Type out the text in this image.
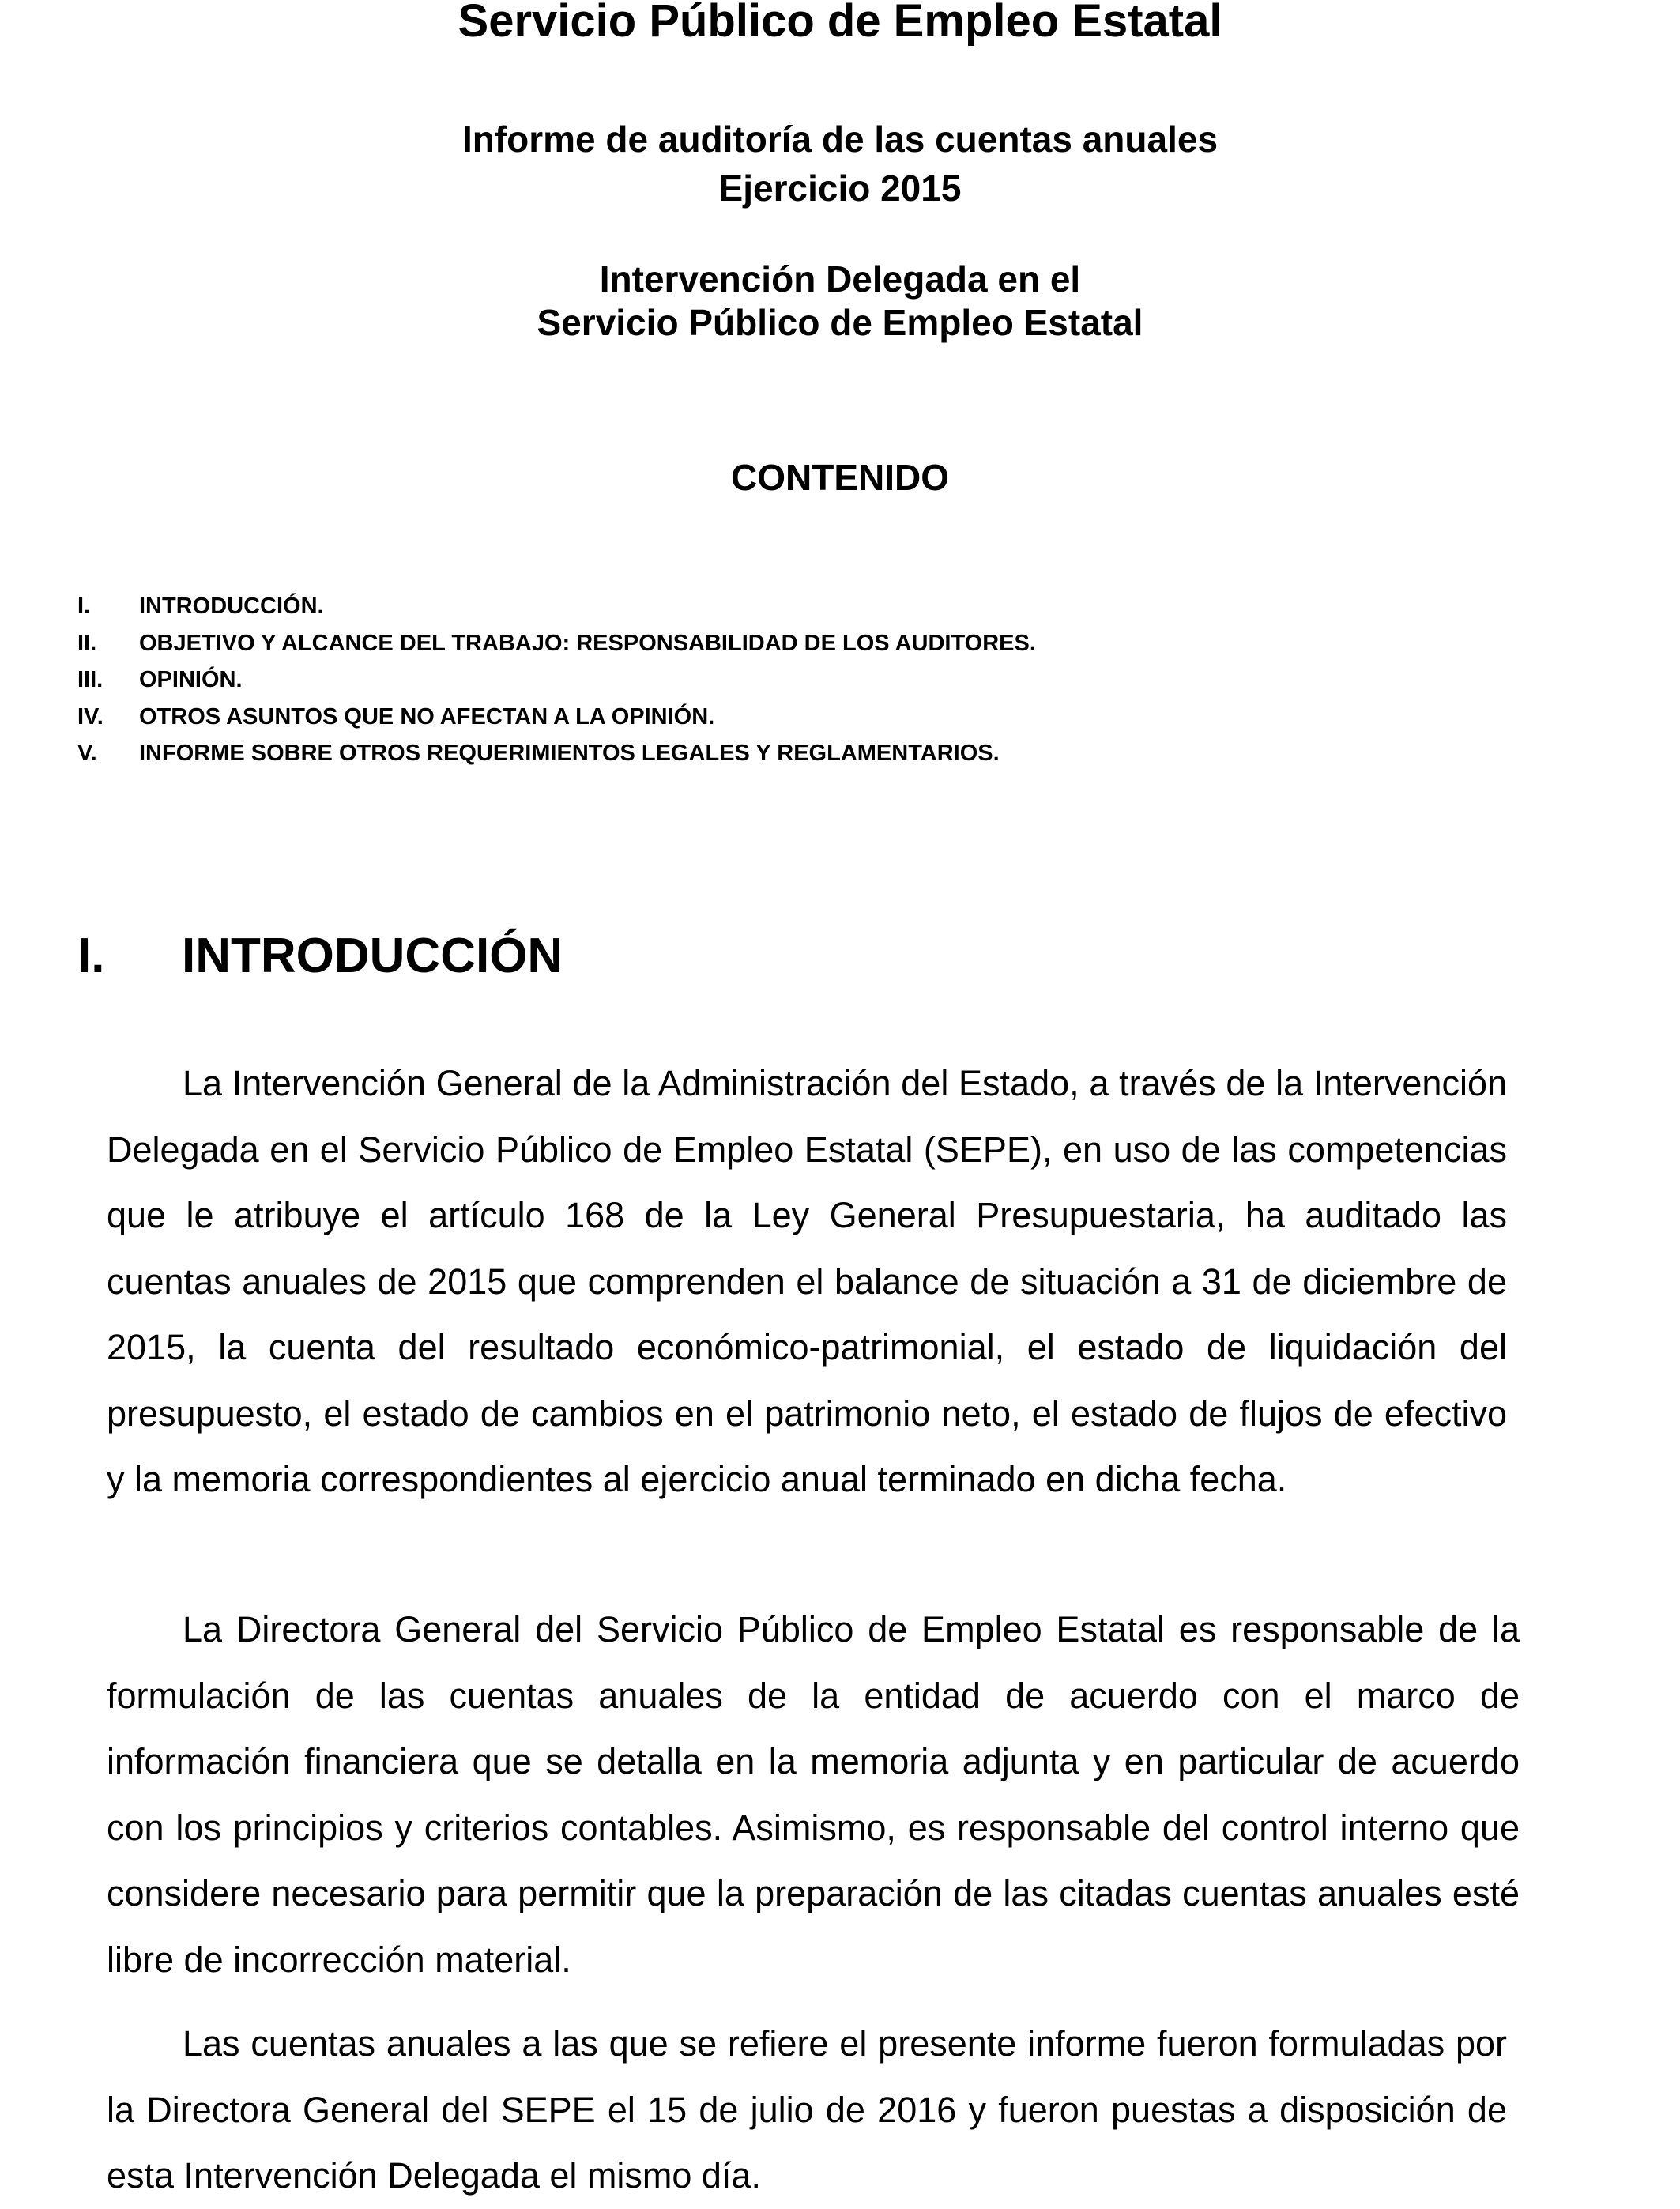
Servicio Público de Empleo Estatal
Informe de auditoría de las cuentas anuales
Ejercicio 2015
Intervención Delegada en el
Servicio Público de Empleo Estatal
CONTENIDO
I. INTRODUCCIÓN.
II. OBJETIVO Y ALCANCE DEL TRABAJO: RESPONSABILIDAD DE LOS AUDITORES.
III. OPINIÓN.
IV. OTROS ASUNTOS QUE NO AFECTAN A LA OPINIÓN.
V. INFORME SOBRE OTROS REQUERIMIENTOS LEGALES Y REGLAMENTARIOS.
I. INTRODUCCIÓN

La Intervención General de la Administración del Estado, a través de la Intervención Delegada en el Servicio Público de Empleo Estatal (SEPE), en uso de las competencias que le atribuye el artículo 168 de la Ley General Presupuestaria, ha auditado las cuentas anuales de 2015 que comprenden el balance de situación a 31 de diciembre de 2015, la cuenta del resultado económico-patrimonial, el estado de liquidación del presupuesto, el estado de cambios en el patrimonio neto, el estado de flujos de efectivo y la memoria correspondientes al ejercicio anual terminado en dicha fecha.

La Directora General del Servicio Público de Empleo Estatal es responsable de la formulación de las cuentas anuales de la entidad de acuerdo con el marco de información financiera que se detalla en la memoria adjunta y en particular de acuerdo con los principios y criterios contables. Asimismo, es responsable del control interno que considere necesario para permitir que la preparación de las citadas cuentas anuales esté libre de incorrección material.

Las cuentas anuales a las que se refiere el presente informe fueron formuladas por la Directora General del SEPE el 15 de julio de 2016 y fueron puestas a disposición de esta Intervención Delegada el mismo día.
